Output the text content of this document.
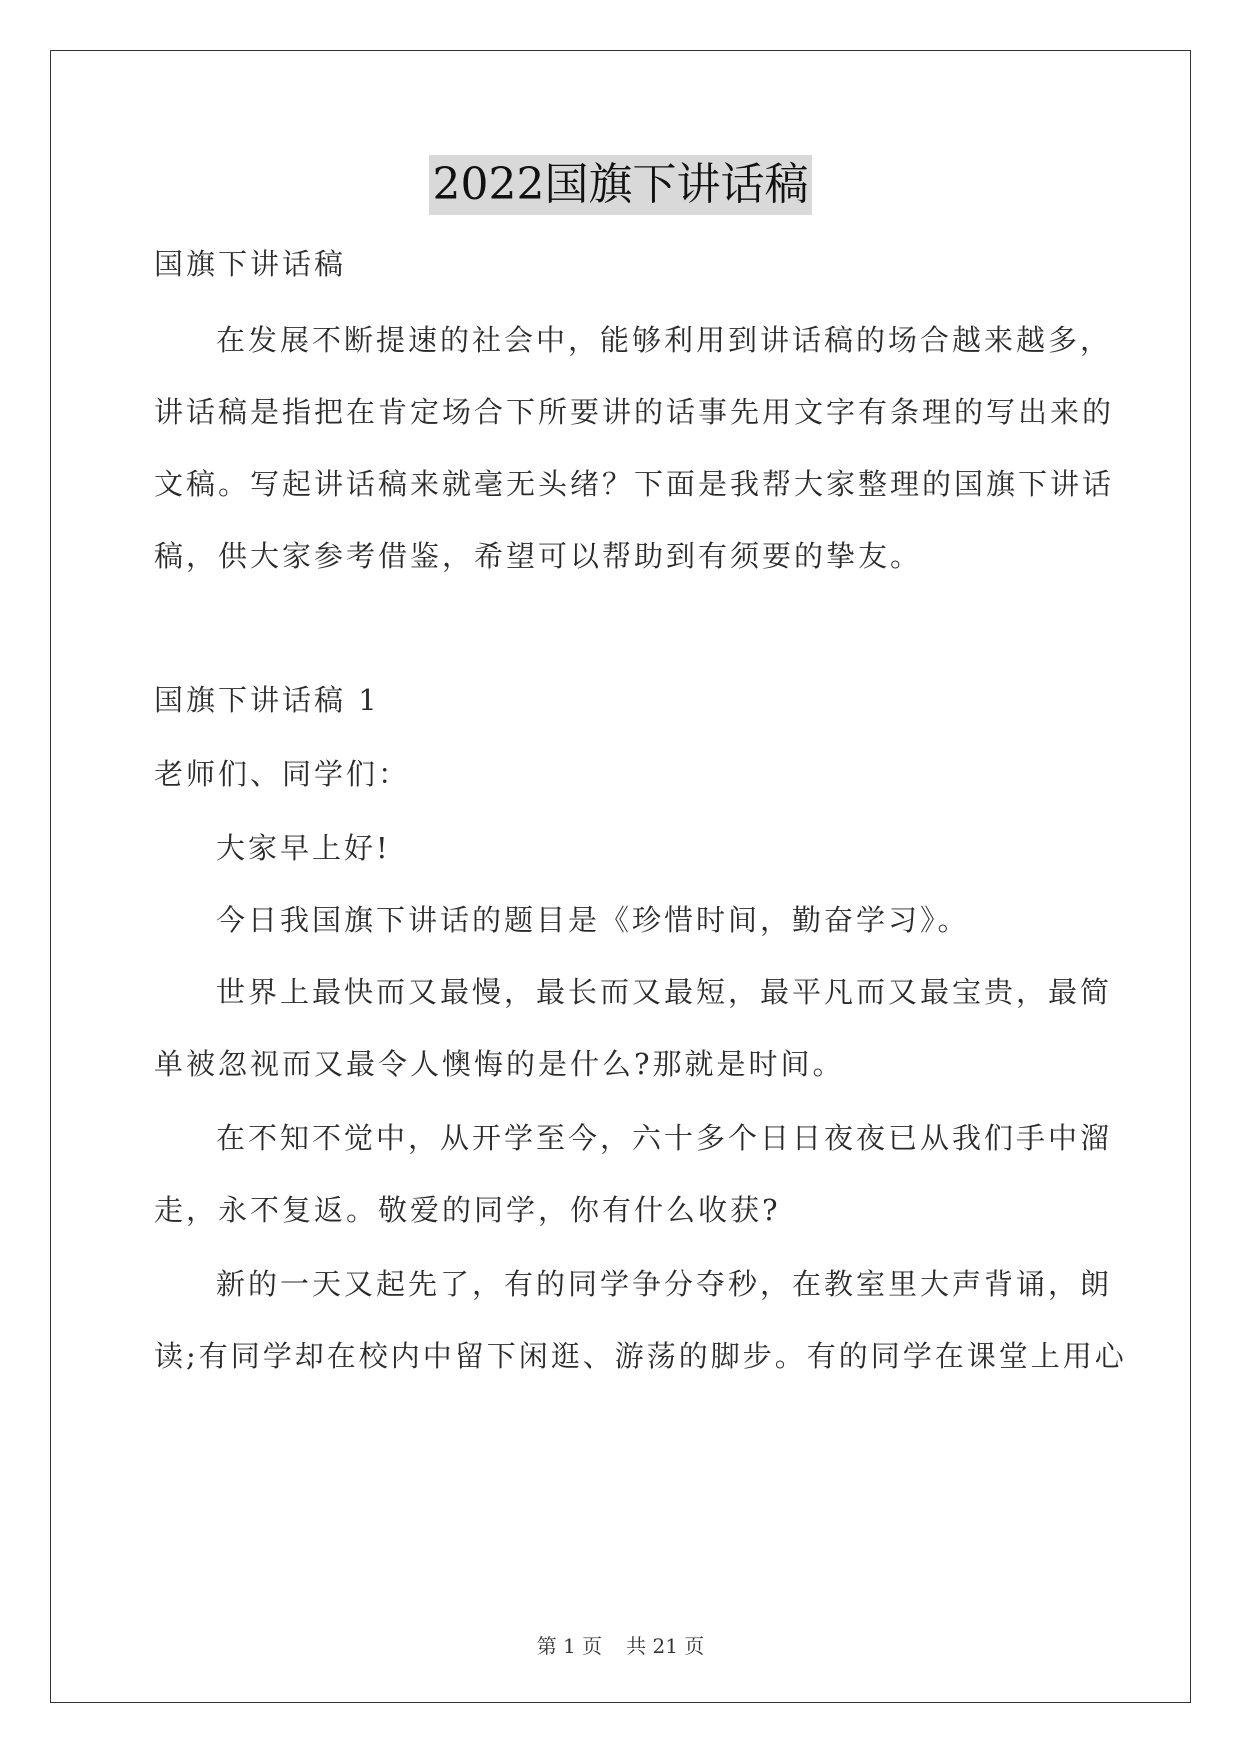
2022国旗下讲话稿
国旗下讲话稿
在发展不断提速的社会中，能够利用到讲话稿的场合越来越多，
讲话稿是指把在肯定场合下所要讲的话事先用文字有条理的写出来的
文稿。写起讲话稿来就毫无头绪？下面是我帮大家整理的国旗下讲话
稿，供大家参考借鉴，希望可以帮助到有须要的挚友。
国旗下讲话稿 1
老师们、同学们：
大家早上好!
今日我国旗下讲话的题目是《珍惜时间，勤奋学习》。
世界上最快而又最慢，最长而又最短，最平凡而又最宝贵，最简
单被忽视而又最令人懊悔的是什么?那就是时间。
在不知不觉中，从开学至今，六十多个日日夜夜已从我们手中溜
走，永不复返。敬爱的同学，你有什么收获?
新的一天又起先了，有的同学争分夺秒，在教室里大声背诵，朗
读;有同学却在校内中留下闲逛、游荡的脚步。有的同学在课堂上用心
第 1 页 共 21 页
